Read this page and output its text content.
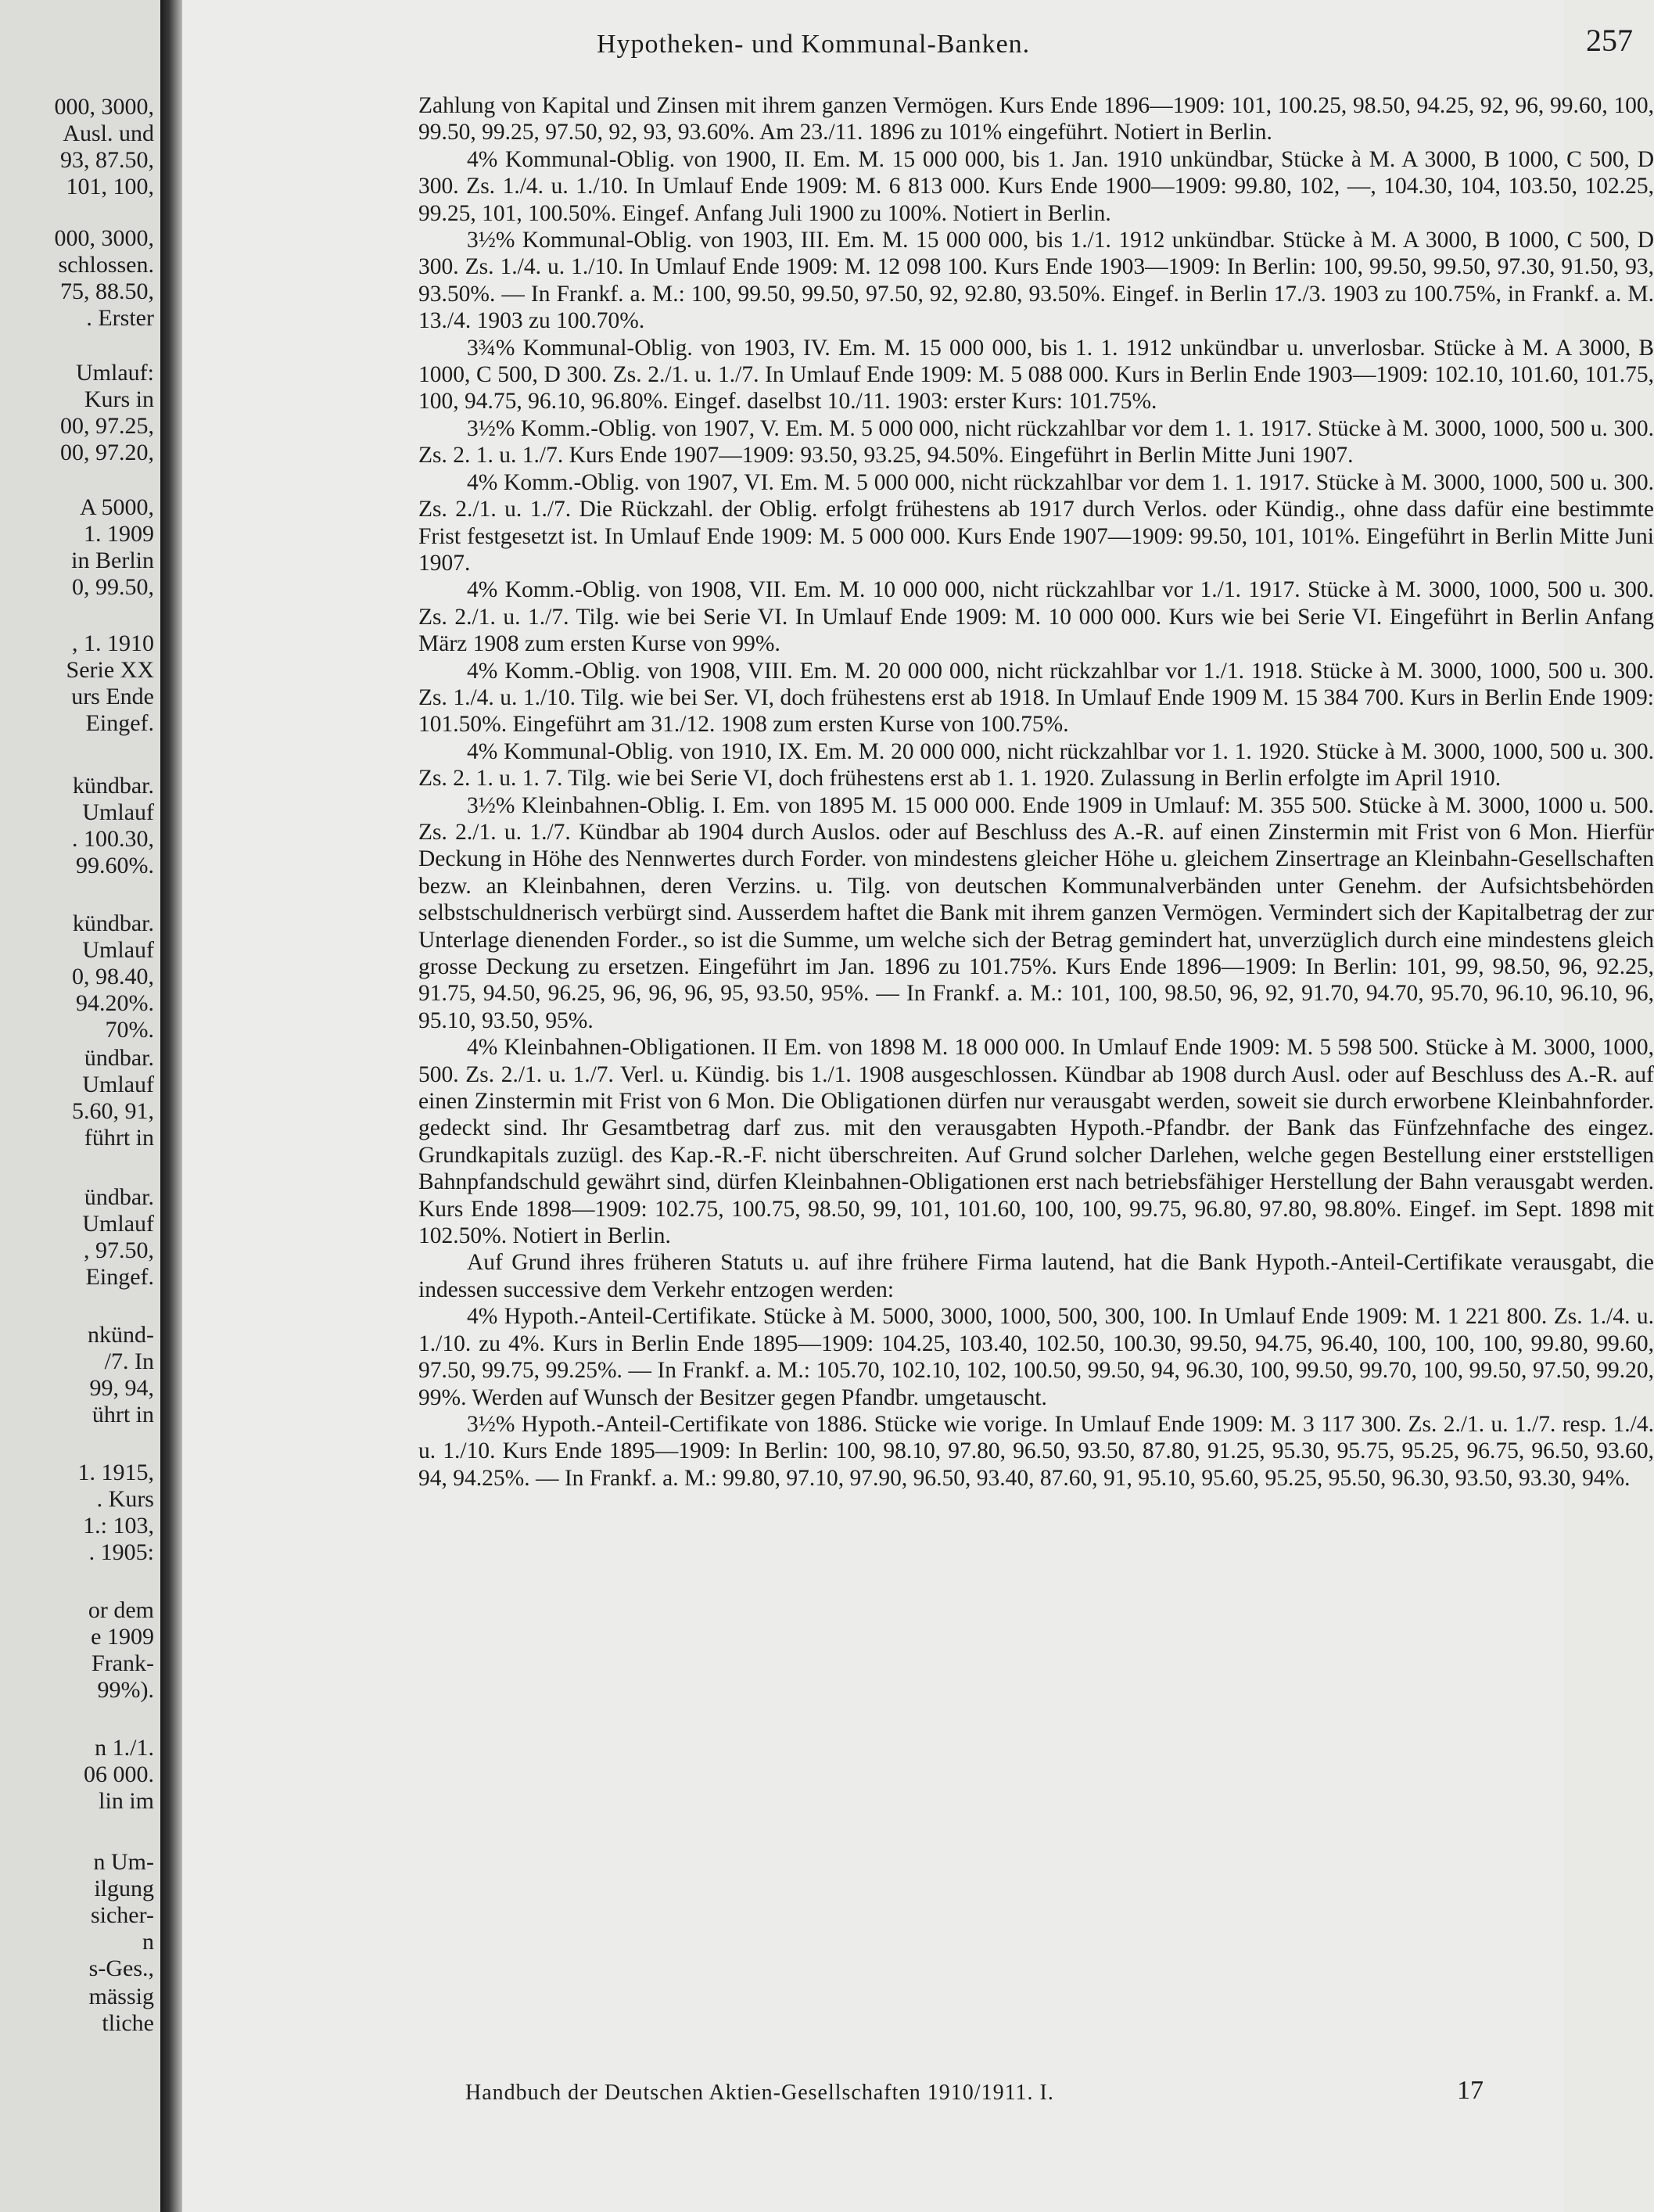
000, 3000,
Ausl. und
93, 87.50,
101, 100,
000, 3000,
schlossen.
75, 88.50,
. Erster
Umlauf:
Kurs in
00, 97.25,
00, 97.20,
A 5000,
1. 1909
in Berlin
0, 99.50,
, 1. 1910
Serie XX
urs Ende
Eingef.
kündbar.
Umlauf
. 100.30,
99.60%.
kündbar.
Umlauf
0, 98.40,
94.20%.
70%.
ündbar.
Umlauf
5.60, 91,
führt in
ündbar.
Umlauf
, 97.50,
Eingef.
nkünd-
/7. In
99, 94,
ührt in
1. 1915,
. Kurs
1.: 103,
. 1905:
or dem
e 1909
Frank-
99%).
n 1./1.
06 000.
lin im
n Um-
ilgung
sicher-
n
s-Ges.,
mässig
tliche
Hypotheken- und Kommunal-Banken.	257

Zahlung von Kapital und Zinsen mit ihrem ganzen Vermögen. Kurs Ende 1896—1909: 101, 100.25, 98.50, 94.25, 92, 96, 99.60, 100, 99.50, 99.25, 97.50, 92, 93, 93.60%. Am 23./11. 1896 zu 101% eingeführt. Notiert in Berlin.

4% Kommunal-Oblig. von 1900, II. Em. M. 15 000 000, bis 1. Jan. 1910 unkündbar, Stücke à M. A 3000, B 1000, C 500, D 300. Zs. 1./4. u. 1./10. In Umlauf Ende 1909: M. 6 813 000. Kurs Ende 1900—1909: 99.80, 102, —, 104.30, 104, 103.50, 102.25, 99.25, 101, 100.50%. Eingef. Anfang Juli 1900 zu 100%. Notiert in Berlin.

3½% Kommunal-Oblig. von 1903, III. Em. M. 15 000 000, bis 1./1. 1912 unkündbar. Stücke à M. A 3000, B 1000, C 500, D 300. Zs. 1./4. u. 1./10. In Umlauf Ende 1909: M. 12 098 100. Kurs Ende 1903—1909: In Berlin: 100, 99.50, 99.50, 97.30, 91.50, 93, 93.50%. — In Frankf. a. M.: 100, 99.50, 99.50, 97.50, 92, 92.80, 93.50%. Eingef. in Berlin 17./3. 1903 zu 100.75%, in Frankf. a. M. 13./4. 1903 zu 100.70%.

3¾% Kommunal-Oblig. von 1903, IV. Em. M. 15 000 000, bis 1. 1. 1912 unkündbar u. unverlosbar. Stücke à M. A 3000, B 1000, C 500, D 300. Zs. 2./1. u. 1./7. In Umlauf Ende 1909: M. 5 088 000. Kurs in Berlin Ende 1903—1909: 102.10, 101.60, 101.75, 100, 94.75, 96.10, 96.80%. Eingef. daselbst 10./11. 1903: erster Kurs: 101.75%.

3½% Komm.-Oblig. von 1907, V. Em. M. 5 000 000, nicht rückzahlbar vor dem 1. 1. 1917. Stücke à M. 3000, 1000, 500 u. 300. Zs. 2. 1. u. 1./7. Kurs Ende 1907—1909: 93.50, 93.25, 94.50%. Eingeführt in Berlin Mitte Juni 1907.

4% Komm.-Oblig. von 1907, VI. Em. M. 5 000 000, nicht rückzahlbar vor dem 1. 1. 1917. Stücke à M. 3000, 1000, 500 u. 300. Zs. 2./1. u. 1./7. Die Rückzahl. der Oblig. erfolgt frühestens ab 1917 durch Verlos. oder Kündig., ohne dass dafür eine bestimmte Frist festgesetzt ist. In Umlauf Ende 1909: M. 5 000 000. Kurs Ende 1907—1909: 99.50, 101, 101%. Eingeführt in Berlin Mitte Juni 1907.

4% Komm.-Oblig. von 1908, VII. Em. M. 10 000 000, nicht rückzahlbar vor 1./1. 1917. Stücke à M. 3000, 1000, 500 u. 300. Zs. 2./1. u. 1./7. Tilg. wie bei Serie VI. In Umlauf Ende 1909: M. 10 000 000. Kurs wie bei Serie VI. Eingeführt in Berlin Anfang März 1908 zum ersten Kurse von 99%.

4% Komm.-Oblig. von 1908, VIII. Em. M. 20 000 000, nicht rückzahlbar vor 1./1. 1918. Stücke à M. 3000, 1000, 500 u. 300. Zs. 1./4. u. 1./10. Tilg. wie bei Ser. VI, doch frühestens erst ab 1918. In Umlauf Ende 1909 M. 15 384 700. Kurs in Berlin Ende 1909: 101.50%. Eingeführt am 31./12. 1908 zum ersten Kurse von 100.75%.

4% Kommunal-Oblig. von 1910, IX. Em. M. 20 000 000, nicht rückzahlbar vor 1. 1. 1920. Stücke à M. 3000, 1000, 500 u. 300. Zs. 2. 1. u. 1. 7. Tilg. wie bei Serie VI, doch frühestens erst ab 1. 1. 1920. Zulassung in Berlin erfolgte im April 1910.

3½% Kleinbahnen-Oblig. I. Em. von 1895 M. 15 000 000. Ende 1909 in Umlauf: M. 355 500. Stücke à M. 3000, 1000 u. 500. Zs. 2./1. u. 1./7. Kündbar ab 1904 durch Auslos. oder auf Beschluss des A.-R. auf einen Zinstermin mit Frist von 6 Mon. Hierfür Deckung in Höhe des Nennwertes durch Forder. von mindestens gleicher Höhe u. gleichem Zinsertrage an Kleinbahn-Gesellschaften bezw. an Kleinbahnen, deren Verzins. u. Tilg. von deutschen Kommunalverbänden unter Genehm. der Aufsichtsbehörden selbstschuldnerisch verbürgt sind. Ausserdem haftet die Bank mit ihrem ganzen Vermögen. Vermindert sich der Kapitalbetrag der zur Unterlage dienenden Forder., so ist die Summe, um welche sich der Betrag gemindert hat, unverzüglich durch eine mindestens gleich grosse Deckung zu ersetzen. Eingeführt im Jan. 1896 zu 101.75%. Kurs Ende 1896—1909: In Berlin: 101, 99, 98.50, 96, 92.25, 91.75, 94.50, 96.25, 96, 96, 96, 95, 93.50, 95%. — In Frankf. a. M.: 101, 100, 98.50, 96, 92, 91.70, 94.70, 95.70, 96.10, 96.10, 96, 95.10, 93.50, 95%.

4% Kleinbahnen-Obligationen. II Em. von 1898 M. 18 000 000. In Umlauf Ende 1909: M. 5 598 500. Stücke à M. 3000, 1000, 500. Zs. 2./1. u. 1./7. Verl. u. Kündig. bis 1./1. 1908 ausgeschlossen. Kündbar ab 1908 durch Ausl. oder auf Beschluss des A.-R. auf einen Zinstermin mit Frist von 6 Mon. Die Obligationen dürfen nur verausgabt werden, soweit sie durch erworbene Kleinbahnforder. gedeckt sind. Ihr Gesamtbetrag darf zus. mit den verausgabten Hypoth.-Pfandbr. der Bank das Fünfzehnfache des eingez. Grundkapitals zuzügl. des Kap.-R.-F. nicht überschreiten. Auf Grund solcher Darlehen, welche gegen Bestellung einer erststelligen Bahnpfandschuld gewährt sind, dürfen Kleinbahnen-Obligationen erst nach betriebsfähiger Herstellung der Bahn verausgabt werden. Kurs Ende 1898—1909: 102.75, 100.75, 98.50, 99, 101, 101.60, 100, 100, 99.75, 96.80, 97.80, 98.80%. Eingef. im Sept. 1898 mit 102.50%. Notiert in Berlin.

Auf Grund ihres früheren Statuts u. auf ihre frühere Firma lautend, hat die Bank Hypoth.-Anteil-Certifikate verausgabt, die indessen successive dem Verkehr entzogen werden:

4% Hypoth.-Anteil-Certifikate. Stücke à M. 5000, 3000, 1000, 500, 300, 100. In Umlauf Ende 1909: M. 1 221 800. Zs. 1./4. u. 1./10. zu 4%. Kurs in Berlin Ende 1895—1909: 104.25, 103.40, 102.50, 100.30, 99.50, 94.75, 96.40, 100, 100, 100, 99.80, 99.60, 97.50, 99.75, 99.25%. — In Frankf. a. M.: 105.70, 102.10, 102, 100.50, 99.50, 94, 96.30, 100, 99.50, 99.70, 100, 99.50, 97.50, 99.20, 99%. Werden auf Wunsch der Besitzer gegen Pfandbr. umgetauscht.

3½% Hypoth.-Anteil-Certifikate von 1886. Stücke wie vorige. In Umlauf Ende 1909: M. 3 117 300. Zs. 2./1. u. 1./7. resp. 1./4. u. 1./10. Kurs Ende 1895—1909: In Berlin: 100, 98.10, 97.80, 96.50, 93.50, 87.80, 91.25, 95.30, 95.75, 95.25, 96.75, 96.50, 93.60, 94, 94.25%. — In Frankf. a. M.: 99.80, 97.10, 97.90, 96.50, 93.40, 87.60, 91, 95.10, 95.60, 95.25, 95.50, 96.30, 93.50, 93.30, 94%.

Handbuch der Deutschen Aktien-Gesellschaften 1910/1911. I.	17
